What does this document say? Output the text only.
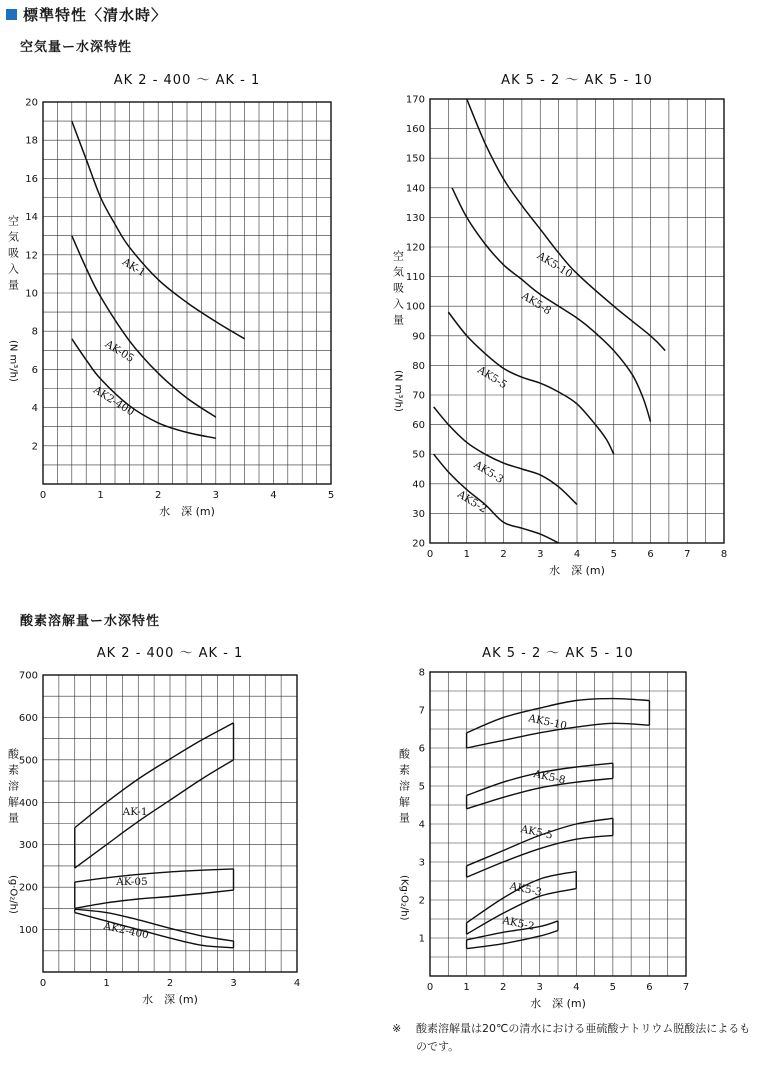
標準特性〈清水時〉
空気量ー水深特性
酸素溶解量ー水深特性
0	1	2	3	4	5
2
4
6
8
10
12
14
16
18
20
AK 2 - 400 〜 AK - 1
水　深 (m)
空気吸入量
(N m³/h)
AK-1
AK-05
AK2-400
0	1	2	3	4	5	6	7	8
20
30
40
50
60
70
80
90
100
110
120
130
140
150
160
170
AK 5 - 2 〜 AK 5 - 10
水　深 (m)
空気吸入量
(N m³/h)
AK5-10
AK5-8
AK5-5
AK5-3
AK5-2
0	1	2	3	4
100
200
300
400
500
600
700
AK 2 - 400 〜 AK - 1
水　深 (m)
酸素溶解量
(g·O₂/h)
AK-1
AK-05
AK2-400
0	1	2	3	4	5	6	7
1
2
3
4
5
6
7
8
AK 5 - 2 〜 AK 5 - 10
水　深 (m)
酸素溶解量
(Kg·O₂/h)
AK5-10
AK5-8
AK5-5
AK5-3
AK5-2
※ 酸素溶解量は20℃の清水における亜硫酸ナトリウム脱酸法によるものです。
